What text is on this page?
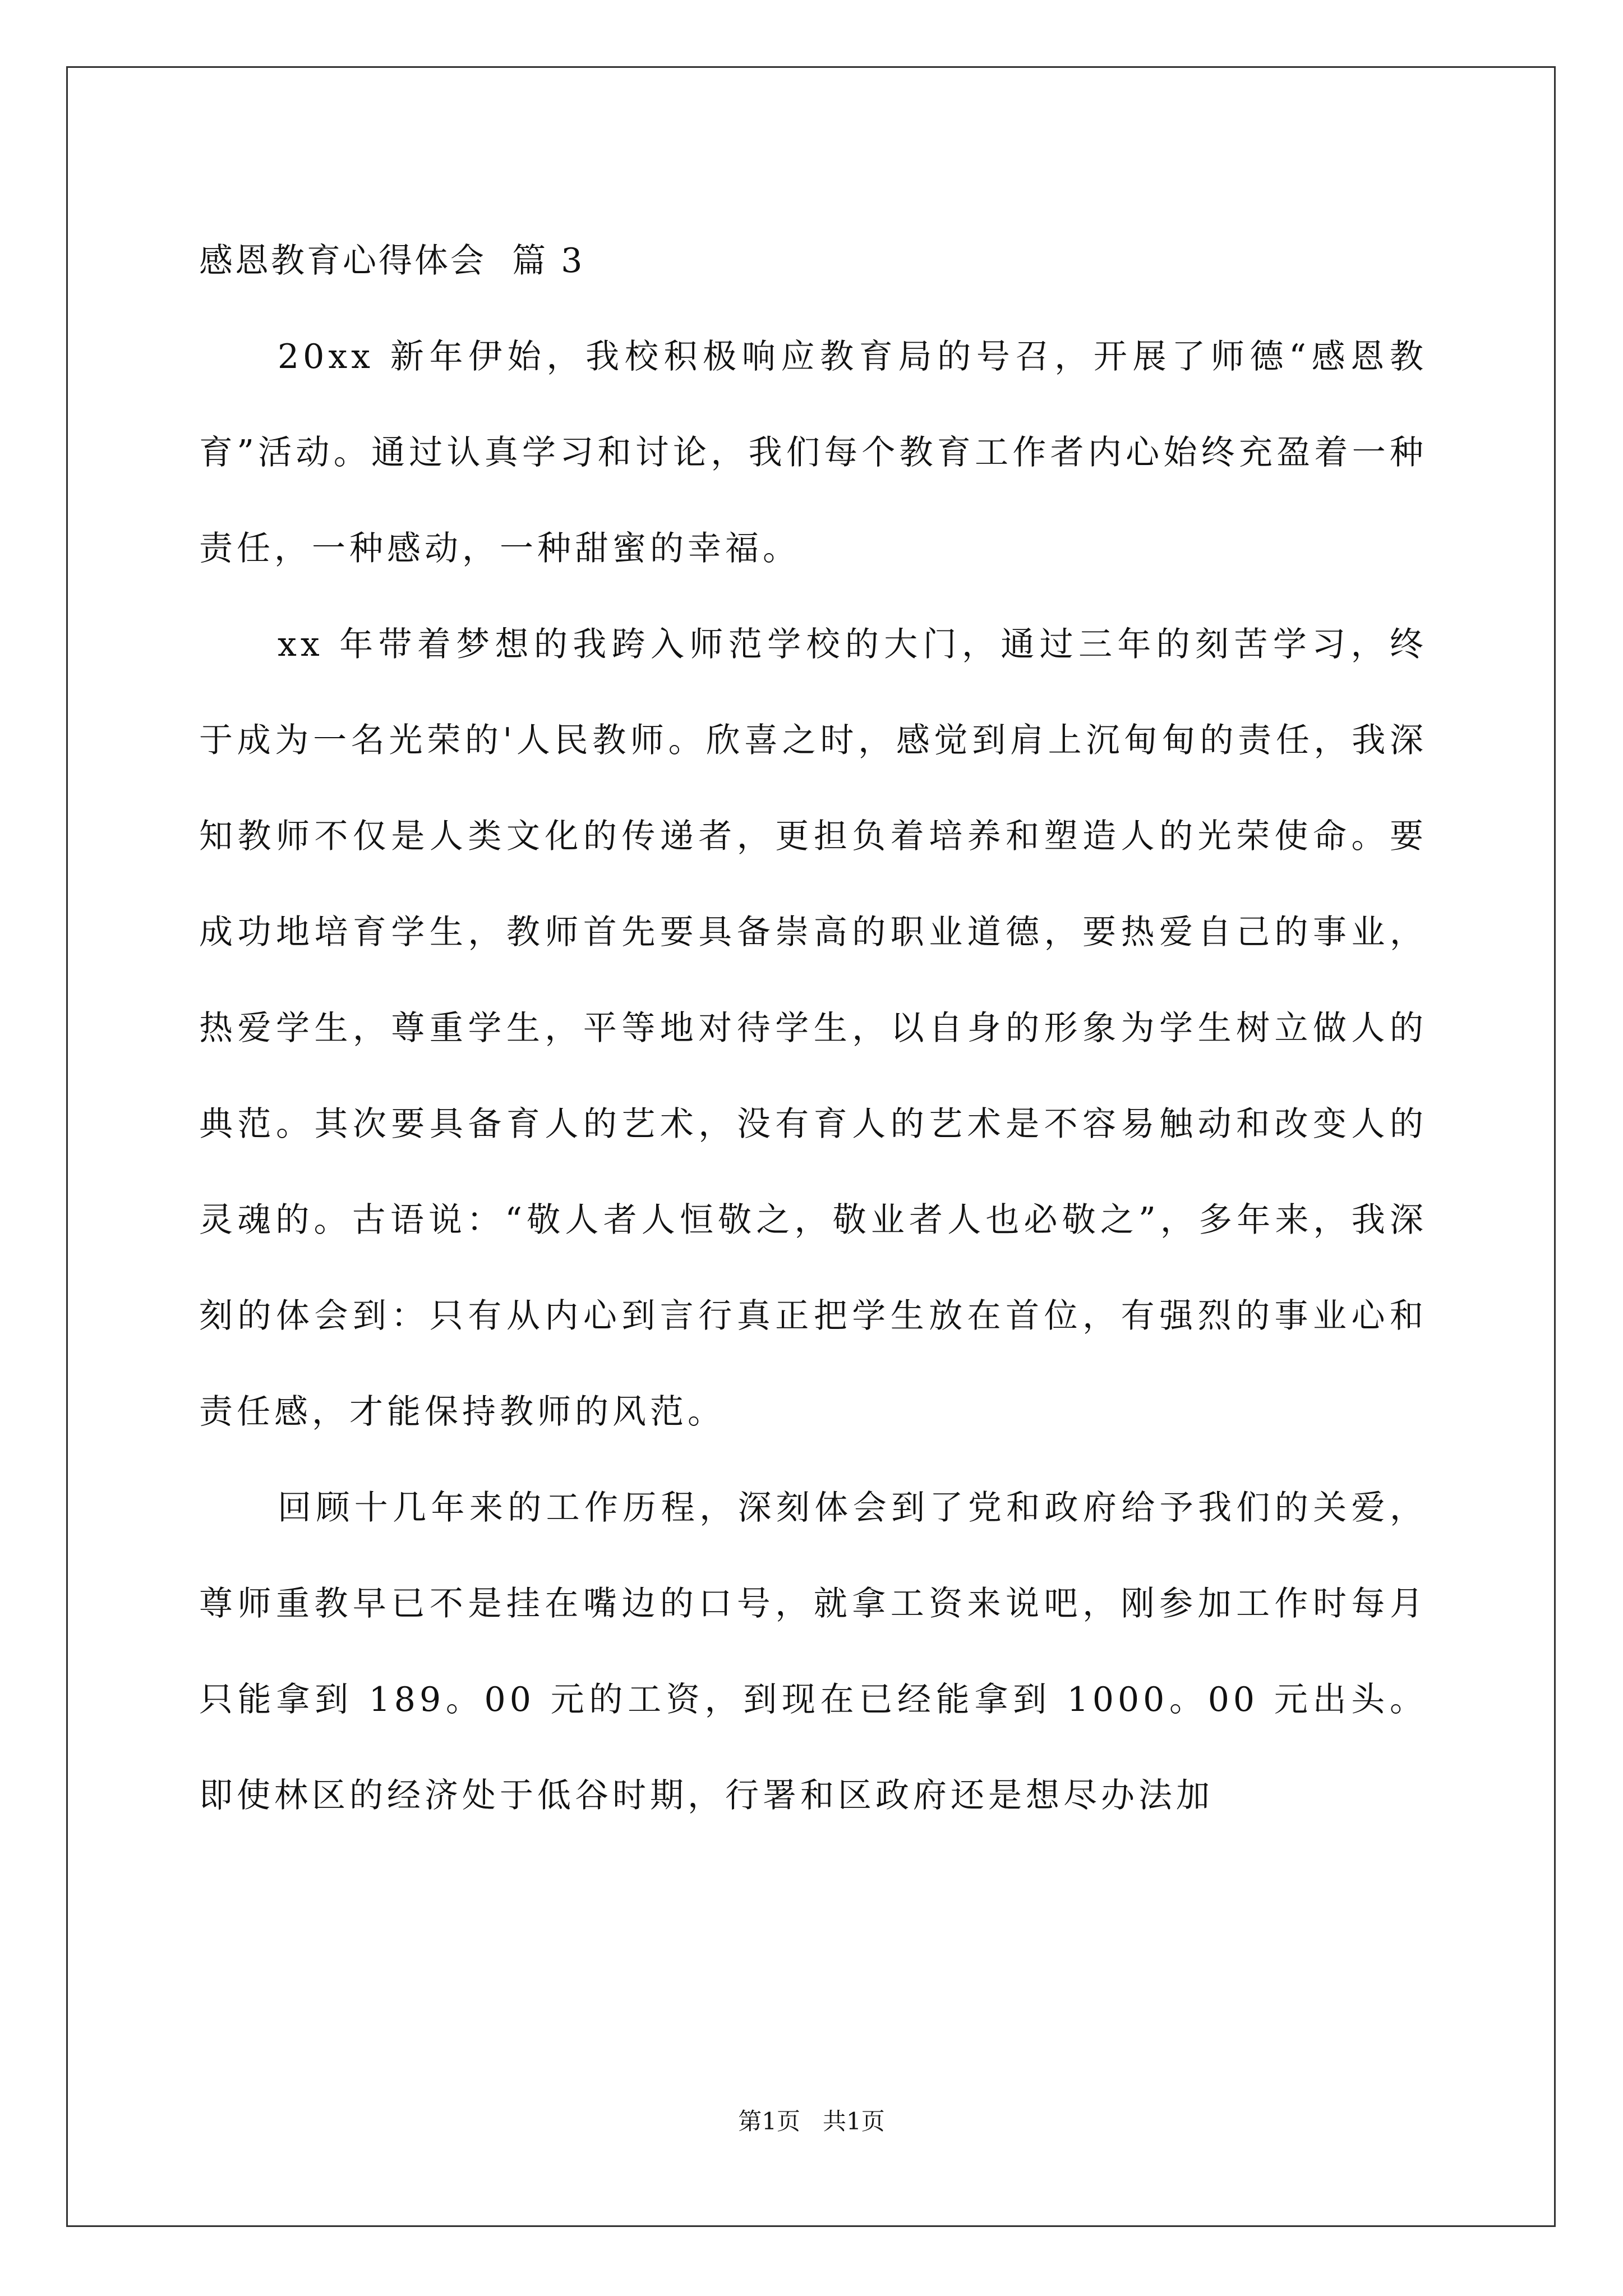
感恩教育心得体会  篇 3

20xx 新年伊始，我校积极响应教育局的号召，开展了师德“感恩教育”活动。通过认真学习和讨论，我们每个教育工作者内心始终充盈着一种责任，一种感动，一种甜蜜的幸福。

xx 年带着梦想的我跨入师范学校的大门，通过三年的刻苦学习，终于成为一名光荣的'人民教师。欣喜之时，感觉到肩上沉甸甸的责任，我深知教师不仅是人类文化的传递者，更担负着培养和塑造人的光荣使命。要成功地培育学生，教师首先要具备崇高的职业道德，要热爱自己的事业，热爱学生，尊重学生，平等地对待学生，以自身的形象为学生树立做人的典范。其次要具备育人的艺术，没有育人的艺术是不容易触动和改变人的灵魂的。古语说：“敬人者人恒敬之，敬业者人也必敬之”，多年来，我深刻的体会到：只有从内心到言行真正把学生放在首位，有强烈的事业心和责任感，才能保持教师的风范。

回顾十几年来的工作历程，深刻体会到了党和政府给予我们的关爱，尊师重教早已不是挂在嘴边的口号，就拿工资来说吧，刚参加工作时每月只能拿到 189。00 元的工资，到现在已经能拿到 1000。00 元出头。即使林区的经济处于低谷时期，行署和区政府还是想尽办法加

第1页 共1页
